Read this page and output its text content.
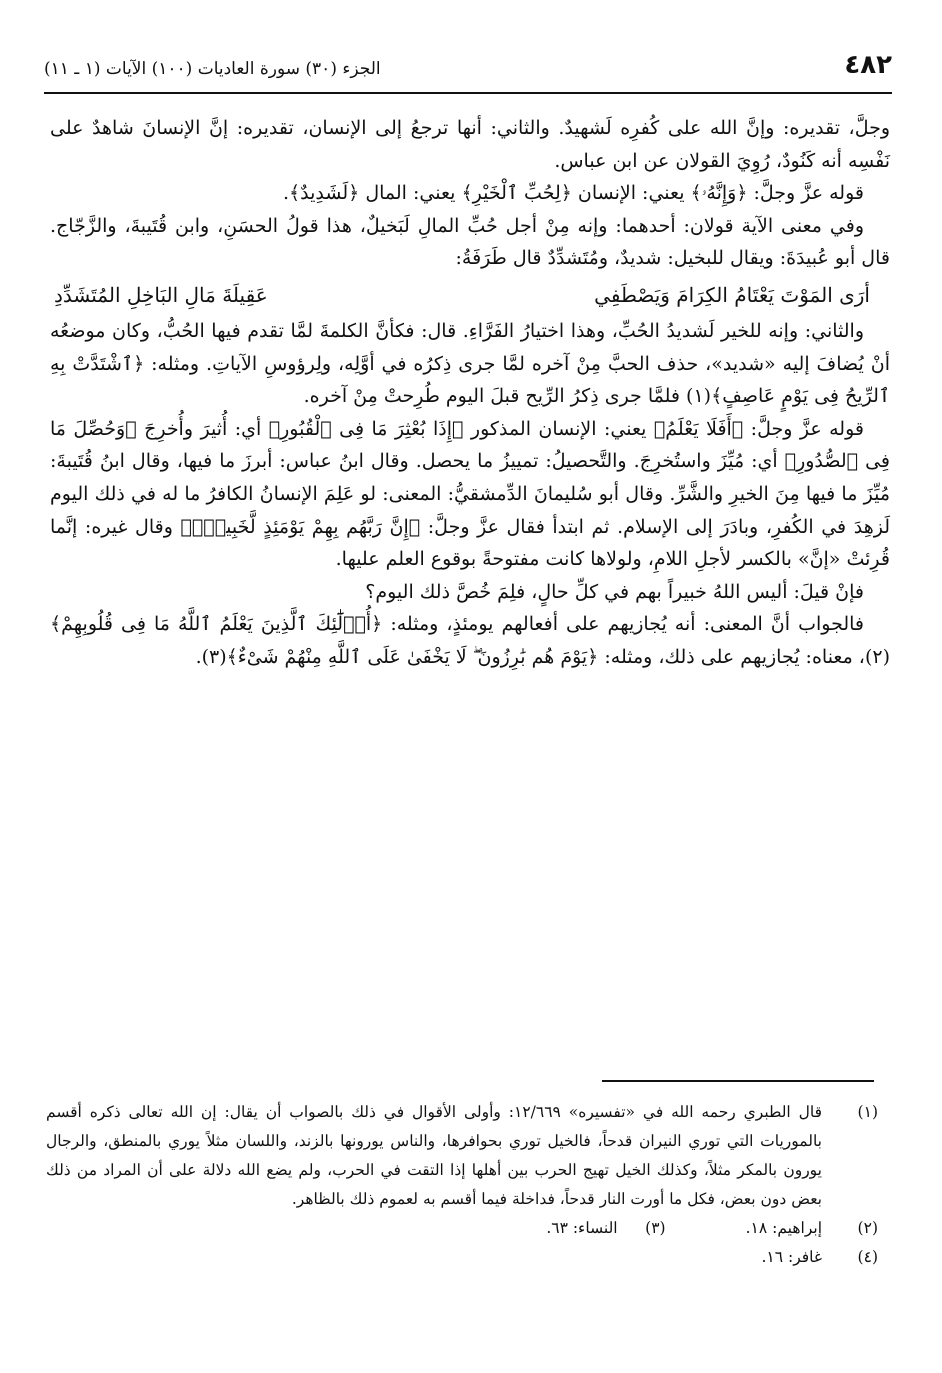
٤٨٢
الجزء (٣٠) سورة العاديات (١٠٠) الآيات (١ ـ ١١)

وجلَّ، تقديره: وإنَّ الله على كُفرِه لَشهيدٌ. والثاني: أنها ترجعُ إلى الإنسان، تقديره: إنَّ الإنسانَ شاهدٌ على نَفْسِه أنه كَنُودٌ، رُوِيَ القولان عن ابن عباس.

قوله عزَّ وجلَّ: ﴿وَإِنَّهُۥ﴾ يعني: الإنسان ﴿لِحُبِّ ٱلْخَيْرِ﴾ يعني: المال ﴿لَشَدِيدٌ﴾.

وفي معنى الآية قولان: أحدهما: وإنه مِنْ أجل حُبِّ المالِ لَبَخيلٌ، هذا قولُ الحسَنِ، وابن قُتَيبةَ، والزَّجّاج. قال أبو عُبيدَةَ: ويقال للبخيل: شديدٌ، ومُتَشدِّدٌ قال طَرَفَةُ:

أرَى المَوْتَ يَعْتَامُ الكِرَامَ وَيَصْطَفِي
عَقِيلَةَ مَالِ البَاخِلِ المُتَشَدِّدِ

والثاني: وإنه للخير لَشديدُ الحُبِّ، وهذا اختيارُ الفَرَّاءِ. قال: فكأنَّ الكلمةَ لمَّا تقدم فيها الحُبُّ، وكان موضعُه أنْ يُضافَ إليه «شديد»، حذف الحبَّ مِنْ آخره لمَّا جرى ذِكرُه في أوَّلِه، ولِرؤوسِ الآياتِ. ومثله: ﴿ٱشْتَدَّتْ بِهِ ٱلرِّيحُ فِى يَوْمٍ عَاصِفٍ﴾(١) فلمَّا جرى ذِكرُ الرِّيح قبلَ اليوم طُرِحتْ مِنْ آخره.

قوله عزَّ وجلَّ: ﴿أَفَلَا يَعْلَمُ﴾ يعني: الإنسان المذكور ﴿إِذَا بُعْثِرَ مَا فِى ٱلْقُبُورِ﴾ أي: أُثيرَ وأُخرِجَ ﴿وَحُصِّلَ مَا فِى ٱلصُّدُورِ﴾ أي: مُيِّزَ واستُخرِجَ. والتَّحصيلُ: تمييزُ ما يحصل. وقال ابنُ عباس: أبرزَ ما فيها، وقال ابنُ قُتَيبةَ: مُيِّزَ ما فيها مِنَ الخيرِ والشَّرِّ. وقال أبو سُليمانَ الدِّمشقيُّ: المعنى: لو عَلِمَ الإنسانُ الكافرُ ما له في ذلك اليوم لَزهِدَ في الكُفرِ، وبادَرَ إلى الإسلام. ثم ابتدأ فقال عزَّ وجلَّ: ﴿إِنَّ رَبَّهُم بِهِمْ يَوْمَئِذٍ لَّخَبِيرٌۢ﴾ وقال غيره: إنَّما قُرِئتْ «إنَّ» بالكسر لأجلِ اللامِ، ولولاها كانت مفتوحةً بوقوع العلم عليها.

فإنْ قيلَ: أليس اللهُ خبيراً بهم في كلِّ حالٍ، فلِمَ خُصَّ ذلك اليوم؟

فالجواب أنَّ المعنى: أنه يُجازيهم على أفعالهم يومئذٍ، ومثله: ﴿أُو۟لَٰٓئِكَ ٱلَّذِينَ يَعْلَمُ ٱللَّهُ مَا فِى قُلُوبِهِمْ﴾(٢)، معناه: يُجازيهم على ذلك، ومثله: ﴿يَوْمَ هُم بَٰرِزُونَ ۖ لَا يَخْفَىٰ عَلَى ٱللَّهِ مِنْهُمْ شَىْءٌ﴾(٣).

(١)
قال الطبري رحمه الله في «تفسيره» ١٢/٦٦٩: وأولى الأقوال في ذلك بالصواب أن يقال: إن الله تعالى ذكره أقسم بالموريات التي توري النيران قدحاً، فالخيل توري بحوافرها، والناس يورونها بالزند، واللسان مثلاً يوري بالمنطق، والرجال يورون بالمكر مثلاً، وكذلك الخيل تهيج الحرب بين أهلها إذا التقت في الحرب، ولم يضع الله دلالة على أن المراد من ذلك بعض دون بعض، فكل ما أورت النار قدحاً، فداخلة فيما أقسم به لعموم ذلك بالظاهر.
(٢)
إبراهيم: ١٨.
(٣)
النساء: ٦٣.
(٤)
غافر: ١٦.
